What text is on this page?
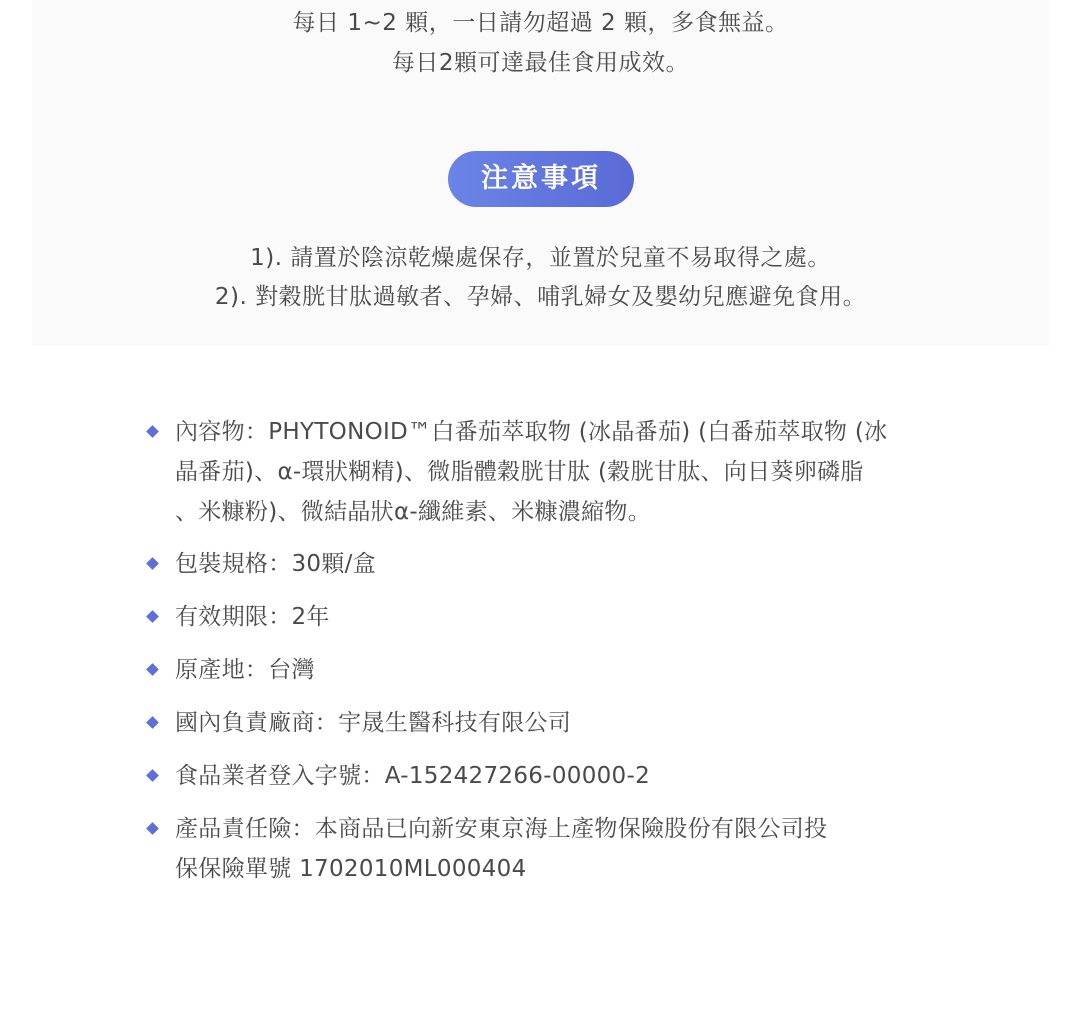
每日 1~2 顆，一日請勿超過 2 顆，多食無益。
每日2顆可達最佳食用成效。
注意事項
1). 請置於陰涼乾燥處保存，並置於兒童不易取得之處。
2). 對穀胱甘肽過敏者、孕婦、哺乳婦女及嬰幼兒應避免食用。
內容物：PHYTONOID™白番茄萃取物 (冰晶番茄) (白番茄萃取物 (冰
晶番茄)、α-環狀糊精)、微脂體穀胱甘肽 (穀胱甘肽、向日葵卵磷脂
、米糠粉)、微結晶狀α-纖維素、米糠濃縮物。
包裝規格：30顆/盒
有效期限：2年
原產地：台灣
國內負責廠商：宇晟生醫科技有限公司
食品業者登入字號：A-152427266-00000-2
產品責任險：本商品已向新安東京海上產物保險股份有限公司投
保保險單號 1702010ML000404
